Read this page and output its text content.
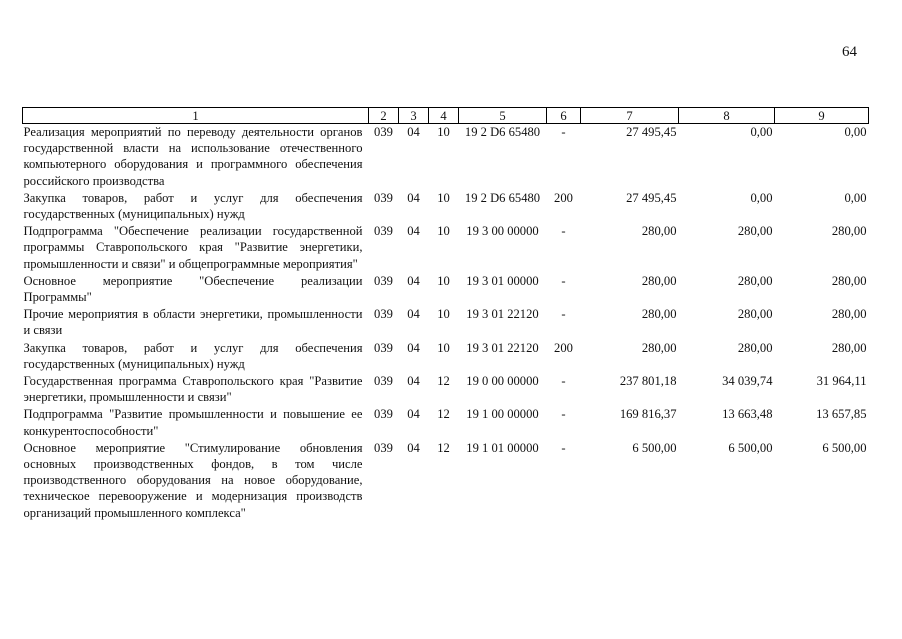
64
1	2	3	4	5	6	7	8	9
Реализация мероприятий по переводу деятельности органов государственной власти на использование отечественного компьютерного оборудования и программного обеспечения российского производства	039	04	10	19 2 D6 65480	-	27 495,45	0,00	0,00
Закупка товаров, работ и услуг для обеспечения государственных (муниципальных) нужд	039	04	10	19 2 D6 65480	200	27 495,45	0,00	0,00
Подпрограмма "Обеспечение реализации государственной программы Ставропольского края "Развитие энергетики, промышленности и связи" и общепрограммные мероприятия"	039	04	10	19 3 00 00000	-	280,00	280,00	280,00
Основное мероприятие "Обеспечение реализации Программы"	039	04	10	19 3 01 00000	-	280,00	280,00	280,00
Прочие мероприятия в области энергетики, промышленности и связи	039	04	10	19 3 01 22120	-	280,00	280,00	280,00
Закупка товаров, работ и услуг для обеспечения государственных (муниципальных) нужд	039	04	10	19 3 01 22120	200	280,00	280,00	280,00
Государственная программа Ставропольского края "Развитие энергетики, промышленности и связи"	039	04	12	19 0 00 00000	-	237 801,18	34 039,74	31 964,11
Подпрограмма "Развитие промышленности и повышение ее конкурентоспособности"	039	04	12	19 1 00 00000	-	169 816,37	13 663,48	13 657,85
Основное мероприятие "Стимулирование обновления основных производственных фондов, в том числе производственного оборудования на новое оборудование, техническое перевооружение и модернизация производств организаций промышленного комплекса"	039	04	12	19 1 01 00000	-	6 500,00	6 500,00	6 500,00
